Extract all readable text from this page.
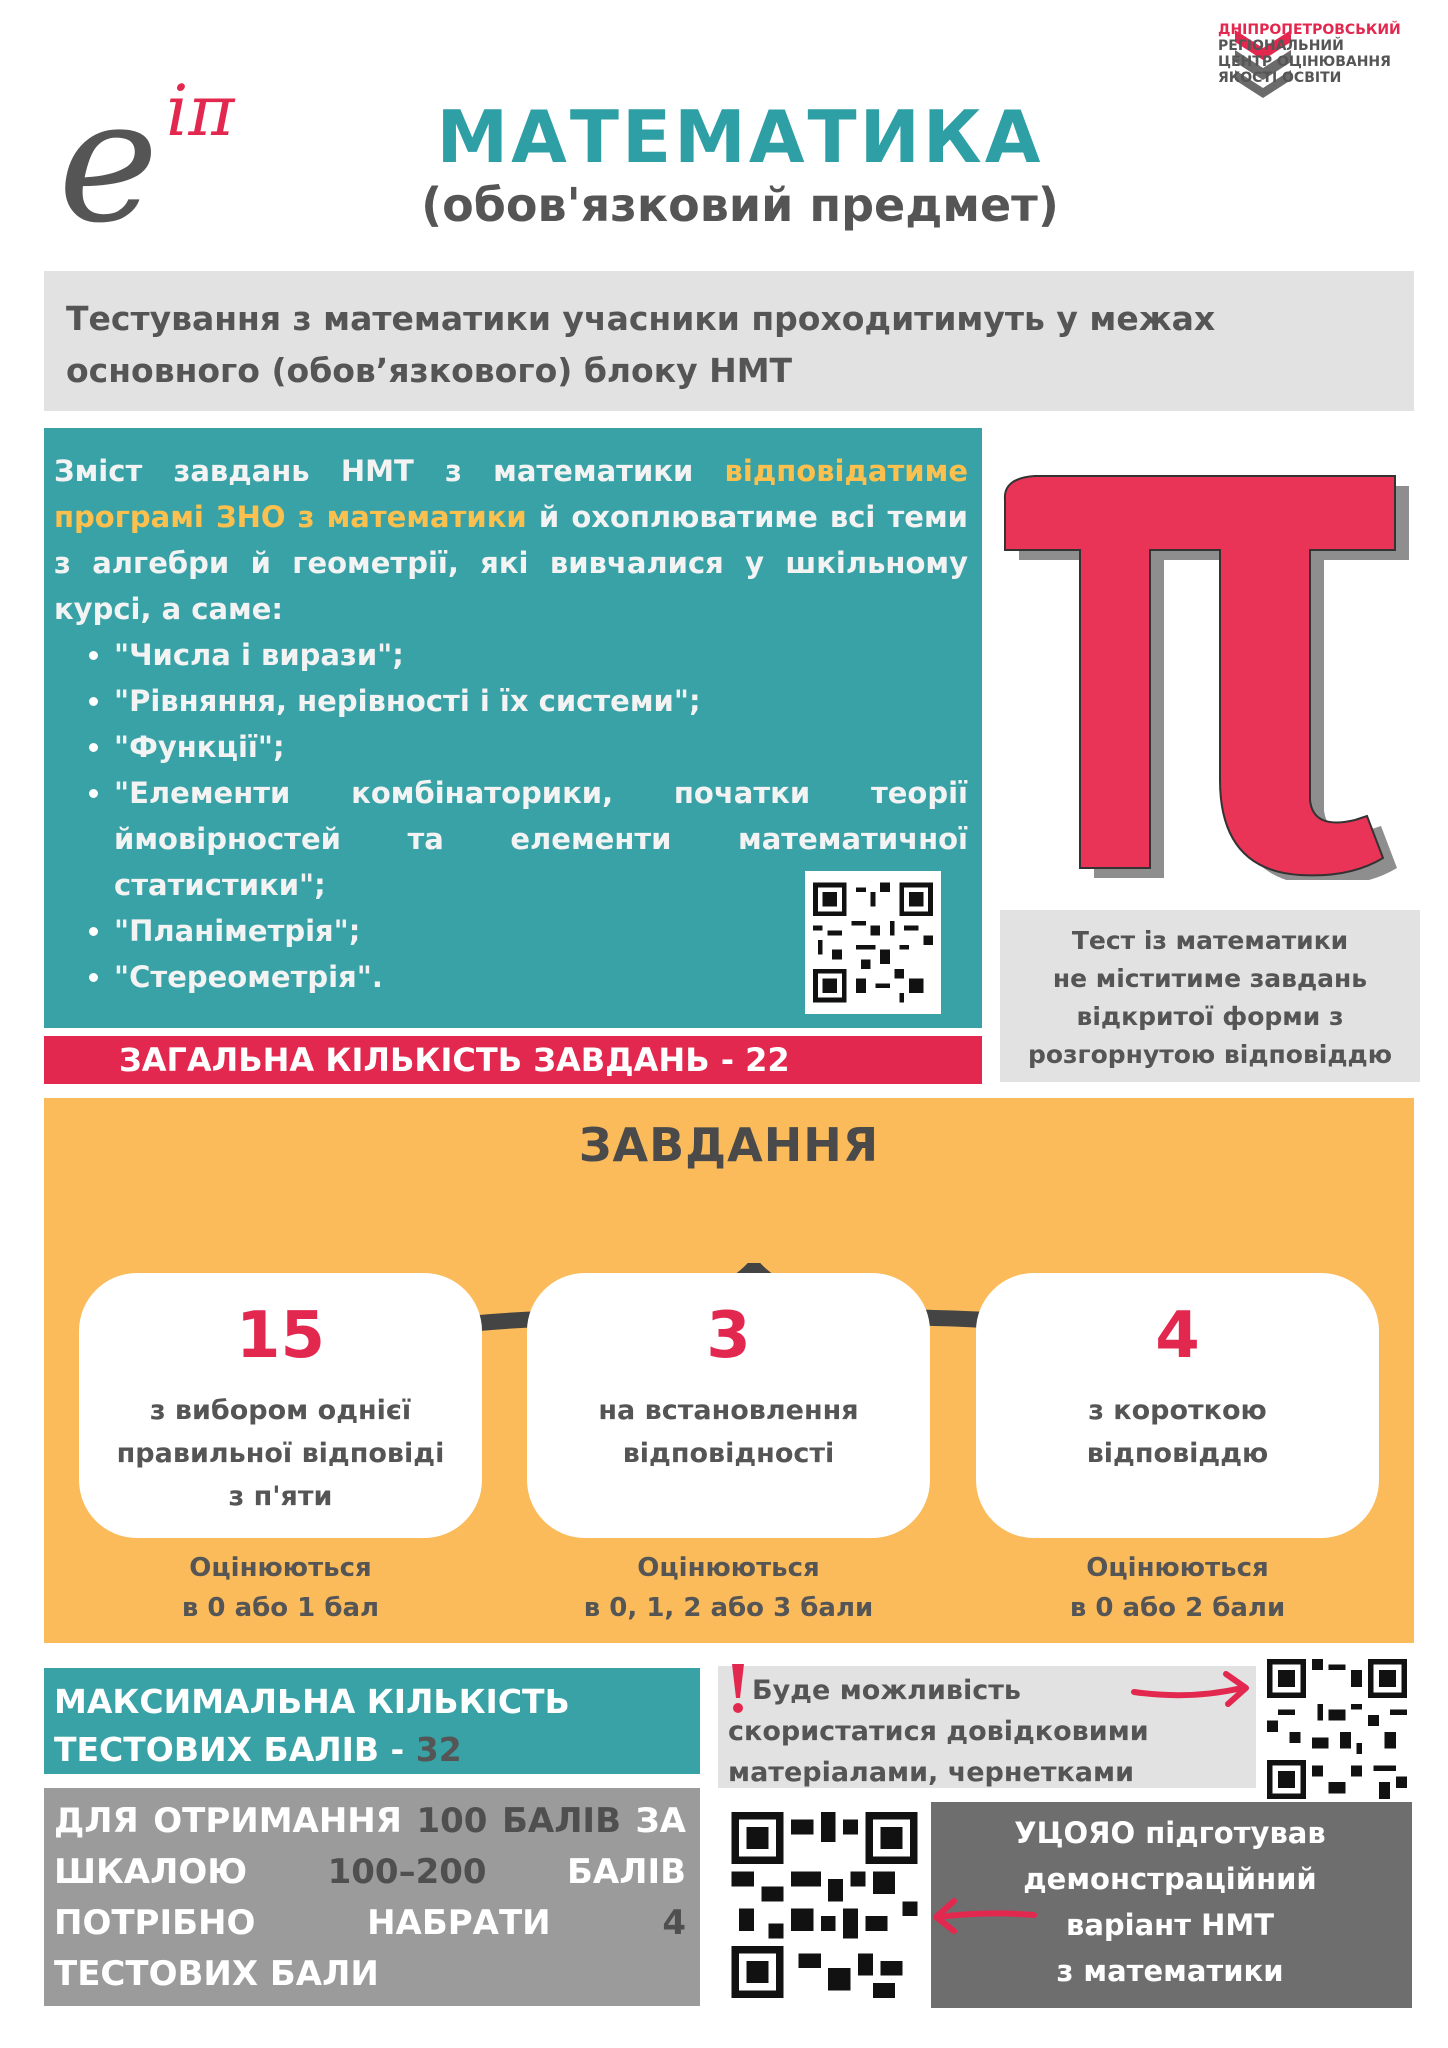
e iπ	МАТЕМАТИКА
(обов'язковий предмет)
ДНІПРОПЕТРОВСЬКИЙ
РЕГІОНАЛЬНИЙ
ЦЕНТР ОЦІНЮВАННЯ
ЯКОСТІ ОСВІТИ

Тестування з математики учасники проходитимуть у межах основного (обов’язкового) блоку НМТ

Зміст завдань НМТ з математики відповідатиме програмі ЗНО з математики й охоплюватиме всі теми з алгебри й геометрії, які вивчалися у шкільному курсі, а саме:

• "Числа і вирази";
• "Рівняння, нерівності і їх системи";
• "Функції";
• "Елементи комбінаторики, початки теорії ймовірностей та елементи математичної статистики";
• "Планіметрія";
• "Стереометрія".
Тест із математики
не міститиме завдань
відкритої форми з
розгорнутою відповіддю
ЗАГАЛЬНА КІЛЬКІСТЬ ЗАВДАНЬ - 22
ЗАВДАННЯ
15
з вибором однієї
правильної відповіді
з п'яти
Оцінюються
в 0 або 1 бал
3
на встановлення
відповідності
Оцінюються
в 0, 1, 2 або 3 бали
4
з короткою
відповіддю
Оцінюються
в 0 або 2 бали
МАКСИМАЛЬНА КІЛЬКІСТЬ
ТЕСТОВИХ БАЛІВ - 32
ДЛЯ ОТРИМАННЯ 100 БАЛІВ ЗА ШКАЛОЮ 100–200 БАЛІВ ПОТРІБНО НАБРАТИ 4 ТЕСТОВИХ БАЛИ
Буде можливість
скористатися довідковими
матеріалами, чернетками
УЦОЯО підготував
демонстраційний
варіант НМТ
з математики
